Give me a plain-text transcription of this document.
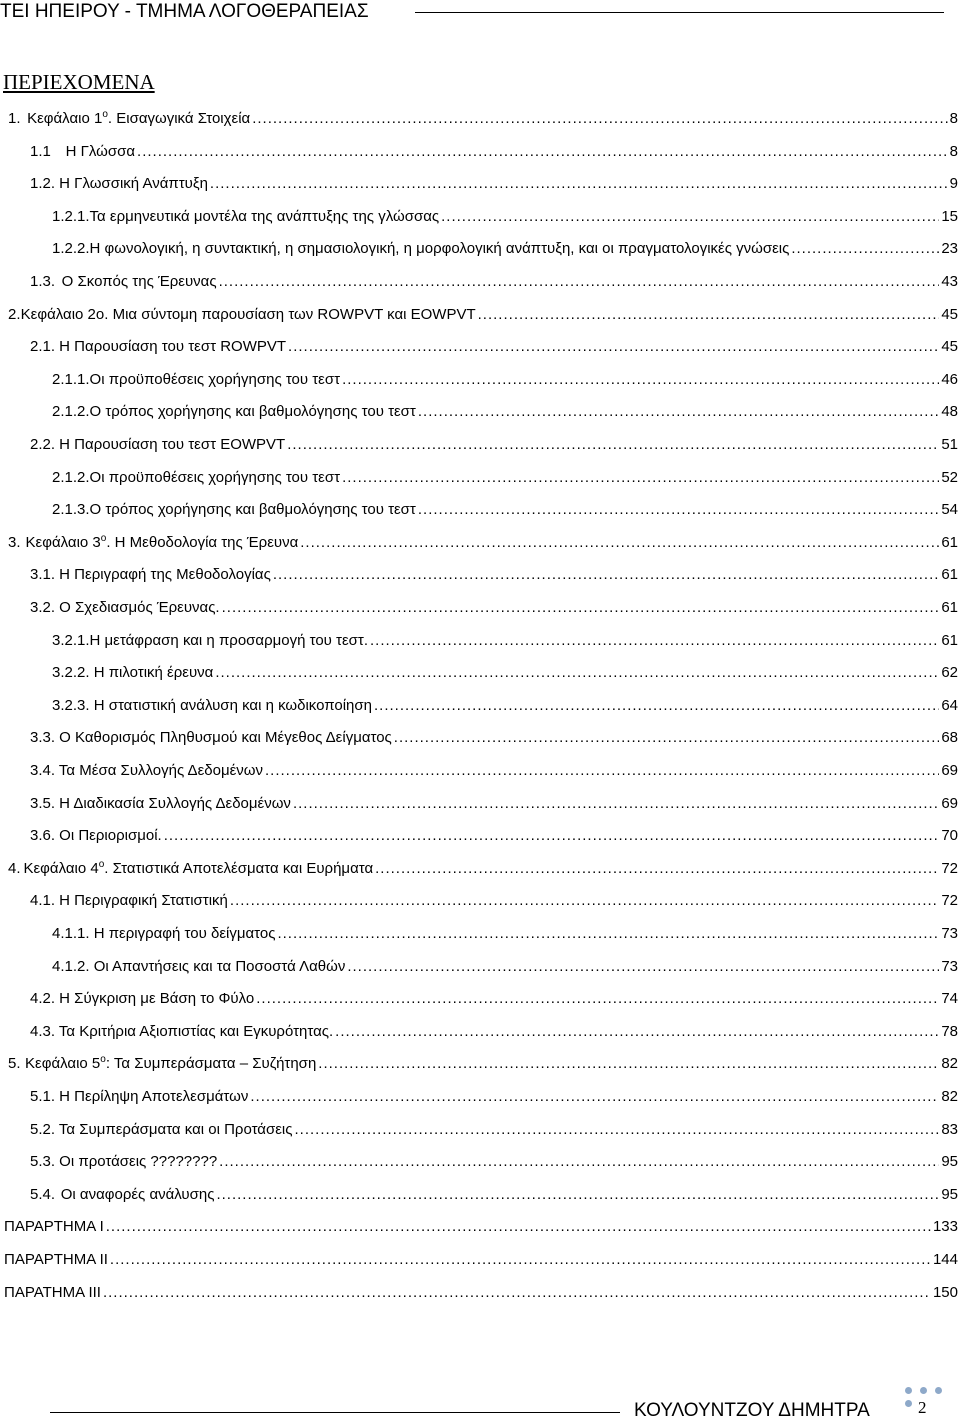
ΤΕΙ ΗΠΕΙΡΟΥ - ΤΜΗΜΑ ΛΟΓΟΘΕΡΑΠΕΙΑΣ
ΠΕΡΙΕΧΟΜΕΝΑ
1. Κεφάλαιο $1^o$. Εισαγωγικά Στοιχεία .....	8
1.1 Η Γλώσσα .....	8
1.2. Η Γλωσσική Ανάπτυξη .....	9
1.2.1. Τα ερμηνευτικά μοντέλα της ανάπτυξης της γλώσσας .....	15
1.2.2. Η φωνολογική, η συντακτική, η σημασιολογική, η μορφολογική ανάπτυξη, και οι πραγματολογικές γνώσεις .....	23
1.3. Ο Σκοπός της Έρευνας .....	43
2. Κεφάλαιο 2ο. Μια σύντομη παρουσίαση των ROWPVT και EOWPVT .....	45
2.1. Η Παρουσίαση του τεστ ROWPVT .....	45
2.1.1. Οι προϋποθέσεις χορήγησης του τεστ .....	46
2.1.2. Ο τρόπος χορήγησης και βαθμολόγησης του τεστ .....	48
2.2. Η Παρουσίαση του τεστ EOWPVT .....	51
2.1.2. Οι προϋποθέσεις χορήγησης του τεστ .....	52
2.1.3. Ο τρόπος χορήγησης και βαθμολόγησης του τεστ .....	54
3. Κεφάλαιο $3^o$. Η Μεθοδολογία της Έρευνα .....	61
3.1. Η Περιγραφή της Μεθοδολογίας .....	61
3.2. Ο Σχεδιασμός Έρευνας. .....	61
3.2.1.Η μετάφραση και η προσαρμογή του τεστ. .....	61
3.2.2. Η πιλοτική έρευνα .....	62
3.2.3. Η στατιστική ανάλυση και η κωδικοποίηση .....	64
3.3. Ο Καθορισμός Πληθυσμού και Μέγεθος Δείγματος .....	68
3.4. Τα Μέσα Συλλογής Δεδομένων .....	69
3.5. Η Διαδικασία Συλλογής Δεδομένων .....	69
3.6. Οι Περιορισμοί. .....	70
4. Κεφάλαιο $4^o$. Στατιστικά Αποτελέσματα και Ευρήματα .....	72
4.1. Η Περιγραφική Στατιστική .....	72
4.1.1. Η περιγραφή του δείγματος .....	73
4.1.2. Οι Απαντήσεις και τα Ποσοστά Λαθών .....	73
4.2. Η Σύγκριση με Βάση το Φύλο .....	74
4.3. Τα Κριτήρια Αξιοπιστίας και Εγκυρότητας. .....	78
5. Κεφάλαιο $5^o$: Τα Συμπεράσματα – Συζήτηση .....	82
5.1. Η Περίληψη Αποτελεσμάτων .....	82
5.2. Τα Συμπεράσματα και οι Προτάσεις .....	83
5.3. Οι προτάσεις ???????? .....	95
5.4. Οι αναφορές ανάλυσης .....	95
ΠΑΡΑΡΤΗΜΑ Ι .....	133
ΠΑΡΑΡΤΗΜΑ ΙΙ .....	144
ΠΑΡΑΤΗΜΑ ΙΙΙ .....	150
ΚΟΥΛΟΥΝΤΖΟΥ ΔΗΜΗΤΡΑ	2
